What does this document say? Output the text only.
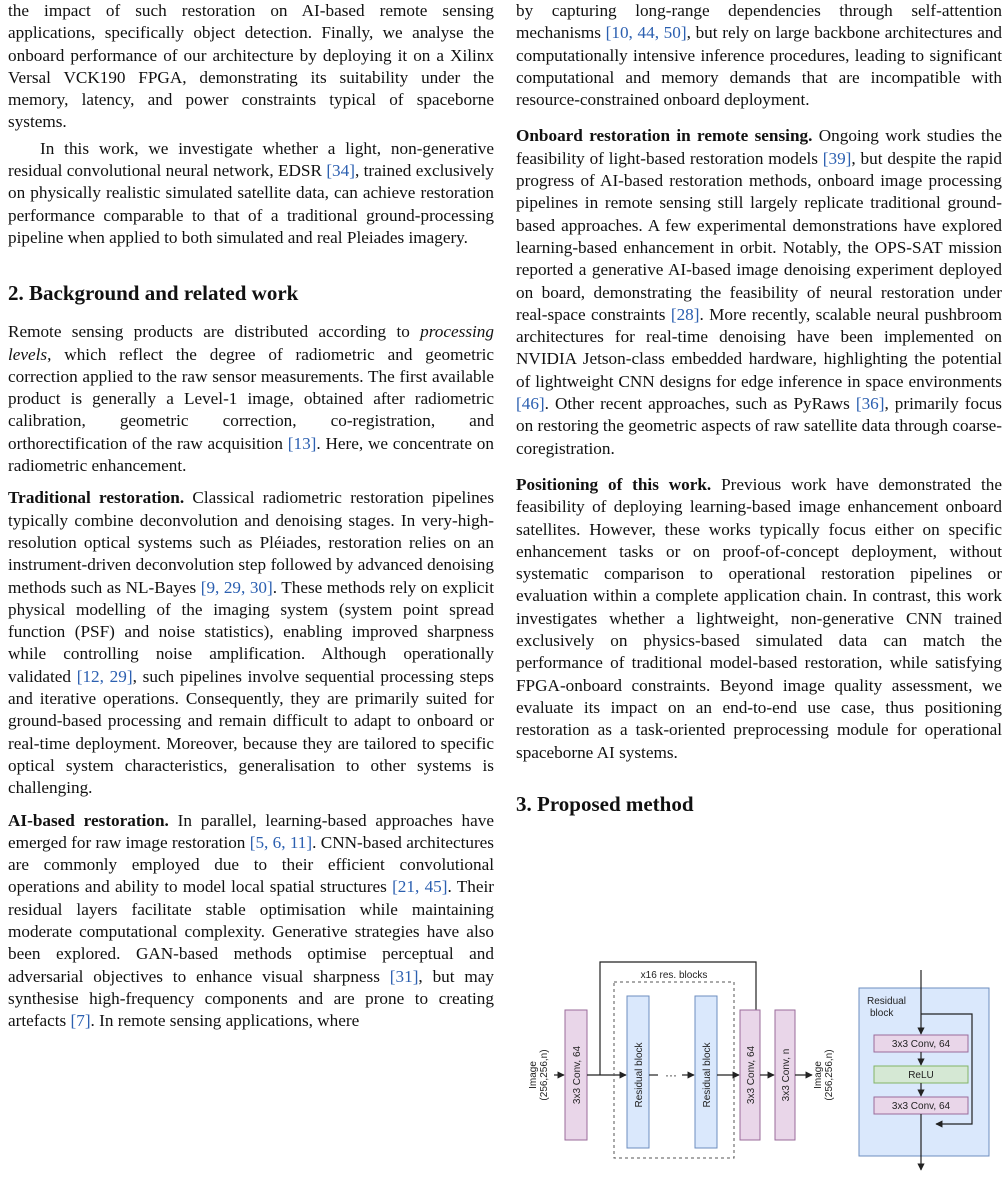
the impact of such restoration on AI-based remote sensing applications, specifically object detection. Finally, we analyse the onboard performance of our architecture by deploying it on a Xilinx Versal VCK190 FPGA, demonstrating its suitability under the memory, latency, and power constraints typical of spaceborne systems.

In this work, we investigate whether a light, non-generative residual convolutional neural network, EDSR [34], trained exclusively on physically realistic simulated satellite data, can achieve restoration performance comparable to that of a traditional ground-processing pipeline when applied to both simulated and real Pleiades imagery.

2. Background and related work

Remote sensing products are distributed according to processing levels, which reflect the degree of radiometric and geometric correction applied to the raw sensor measurements. The first available product is generally a Level-1 image, obtained after radiometric calibration, geometric correction, co-registration, and orthorectification of the raw acquisition [13]. Here, we concentrate on radiometric enhancement.

Traditional restoration. Classical radiometric restoration pipelines typically combine deconvolution and denoising stages. In very-high-resolution optical systems such as Pléiades, restoration relies on an instrument-driven deconvolution step followed by advanced denoising methods such as NL-Bayes [9, 29, 30]. These methods rely on explicit physical modelling of the imaging system (system point spread function (PSF) and noise statistics), enabling improved sharpness while controlling noise amplification. Although operationally validated [12, 29], such pipelines involve sequential processing steps and iterative operations. Consequently, they are primarily suited for ground-based processing and remain difficult to adapt to onboard or real-time deployment. Moreover, because they are tailored to specific optical system characteristics, generalisation to other systems is challenging.

AI-based restoration. In parallel, learning-based approaches have emerged for raw image restoration [5, 6, 11]. CNN-based architectures are commonly employed due to their efficient convolutional operations and ability to model local spatial structures [21, 45]. Their residual layers facilitate stable optimisation while maintaining moderate computational complexity. Generative strategies have also been explored. GAN-based methods optimise perceptual and adversarial objectives to enhance visual sharpness [31], but may synthesise high-frequency components and are prone to creating artefacts [7]. In remote sensing applications, where

by capturing long-range dependencies through self-attention mechanisms [10, 44, 50], but rely on large backbone architectures and computationally intensive inference procedures, leading to significant computational and memory demands that are incompatible with resource-constrained onboard deployment.

Onboard restoration in remote sensing. Ongoing work studies the feasibility of light-based restoration models [39], but despite the rapid progress of AI-based restoration methods, onboard image processing pipelines in remote sensing still largely replicate traditional ground-based approaches. A few experimental demonstrations have explored learning-based enhancement in orbit. Notably, the OPS-SAT mission reported a generative AI-based image denoising experiment deployed on board, demonstrating the feasibility of neural restoration under real-space constraints [28]. More recently, scalable neural pushbroom architectures for real-time denoising have been implemented on NVIDIA Jetson-class embedded hardware, highlighting the potential of lightweight CNN designs for edge inference in space environments [46]. Other recent approaches, such as PyRaws [36], primarily focus on restoring the geometric aspects of raw satellite data through coarse-coregistration.

Positioning of this work. Previous work have demonstrated the feasibility of deploying learning-based image enhancement onboard satellites. However, these works typically focus either on specific enhancement tasks or on proof-of-concept deployment, without systematic comparison to operational restoration pipelines or evaluation within a complete application chain. In contrast, this work investigates whether a lightweight, non-generative CNN trained exclusively on physics-based simulated data can match the performance of traditional model-based restoration, while satisfying FPGA-onboard constraints. Beyond image quality assessment, we evaluate its impact on an end-to-end use case, thus positioning restoration as a task-oriented preprocessing module for operational spaceborne AI systems.

3. Proposed method
Image (256,256,n) 3x3 Conv, 64
x16 res. blocks
Residual block ···	Residual block	3x3 Conv, 64 3x3 Conv, n Image (256,256,n)
Residual
block
3x3 Conv, 64
ReLU
3x3 Conv, 64
